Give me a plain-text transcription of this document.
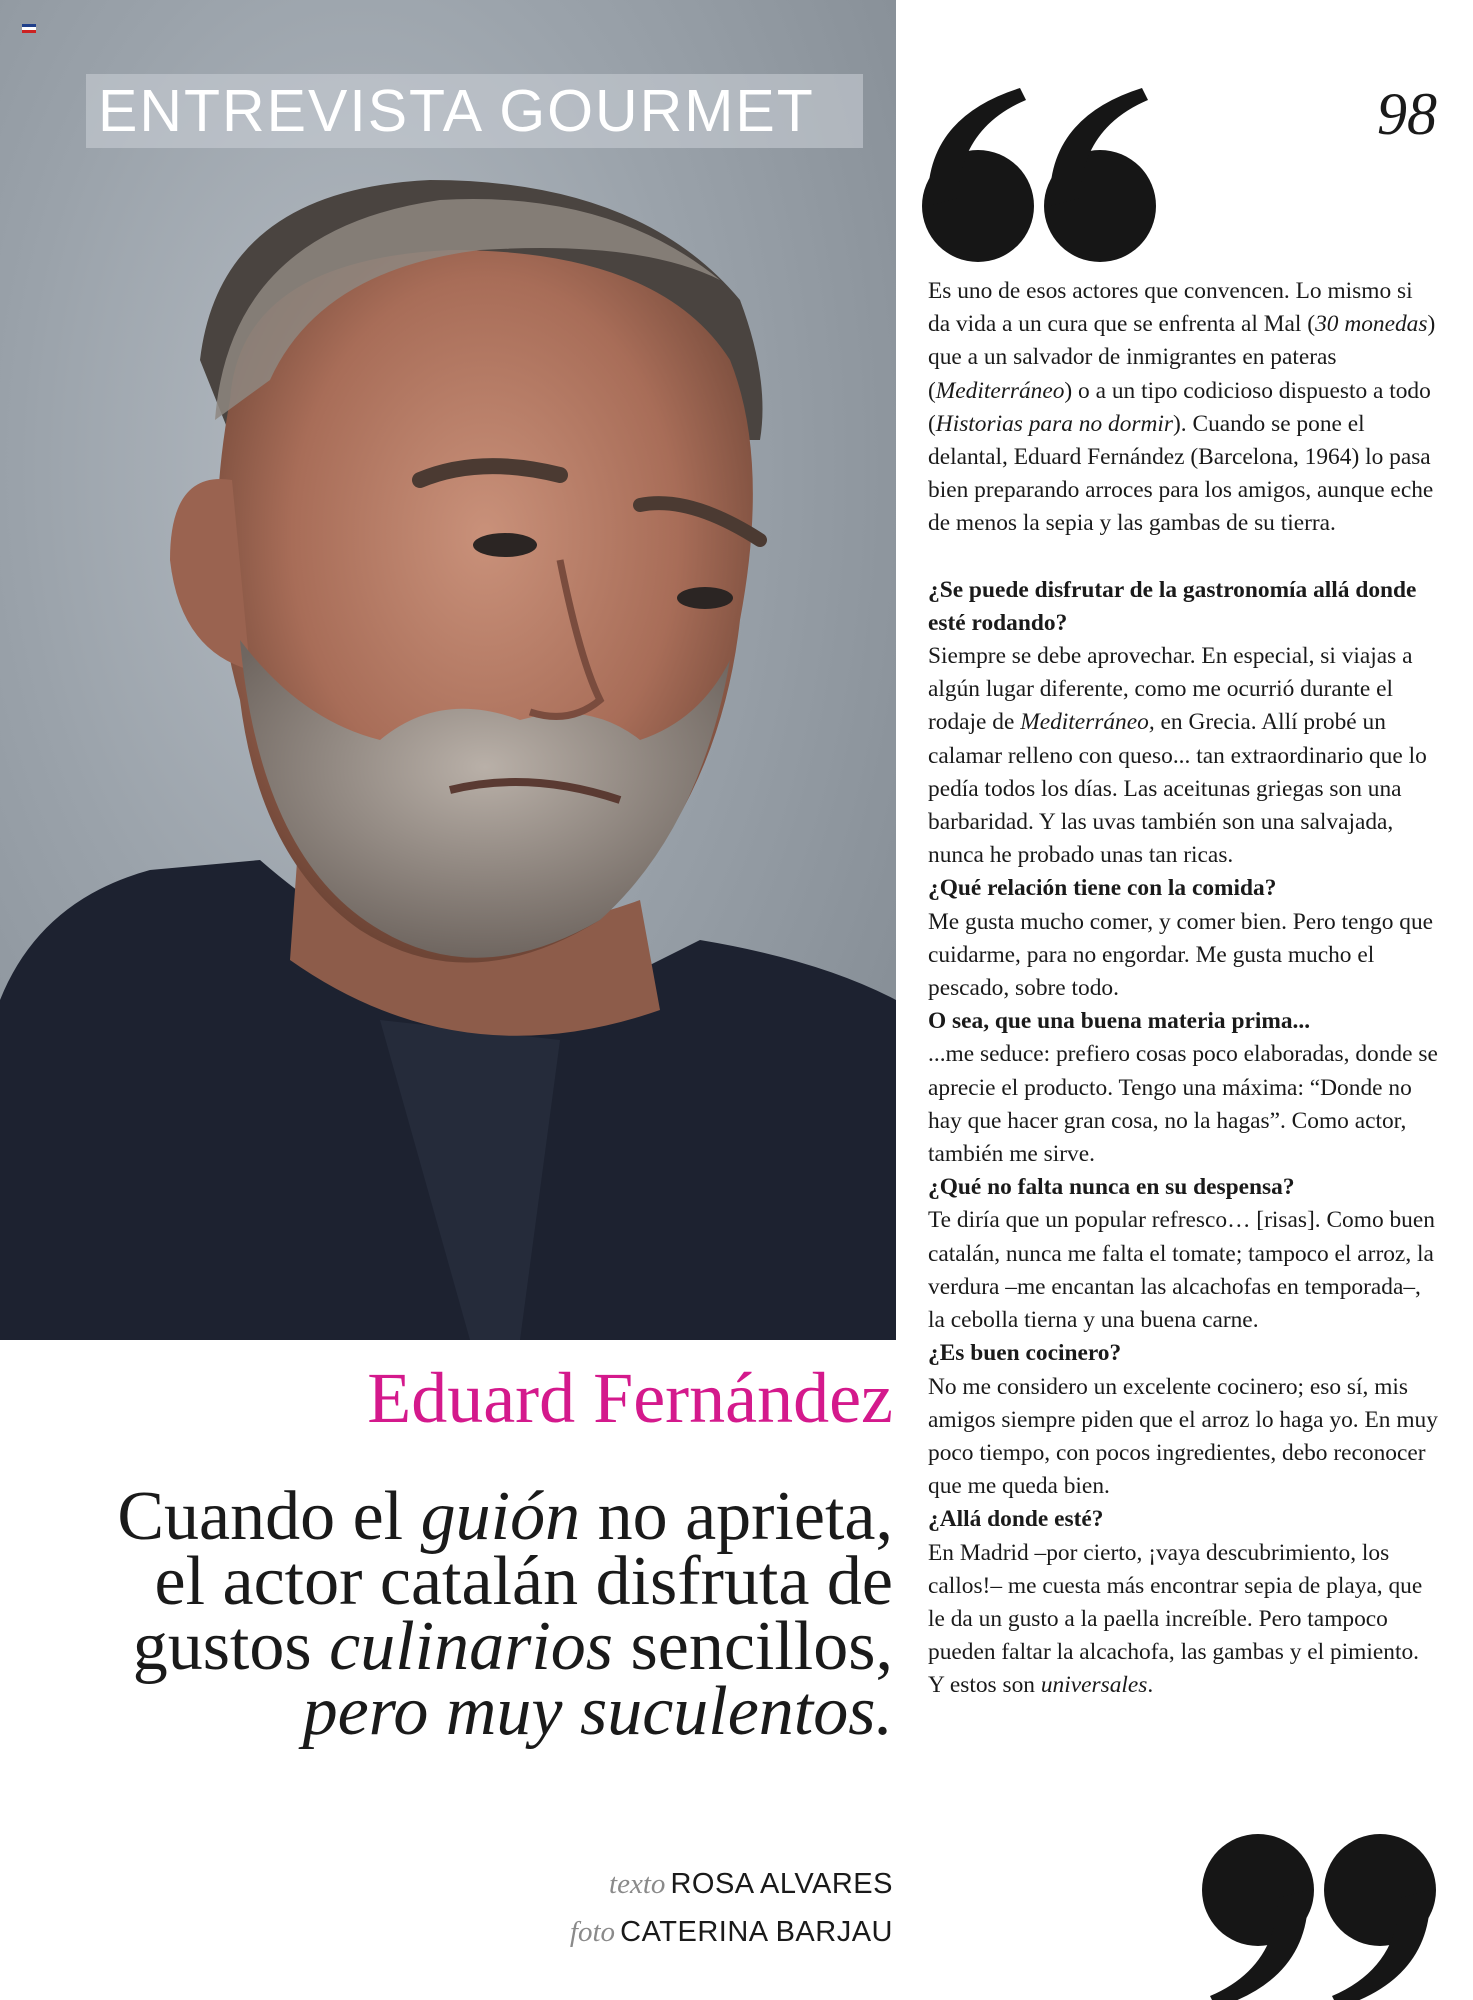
ENTREVISTA GOURMET
Eduard Fernández
Cuando el guión no aprieta, el actor catalán disfruta de gustos culinarios sencillos, pero muy suculentos.
texto ROSA ALVARES
foto CATERINA BARJAU
98

Es uno de esos actores que convencen. Lo mismo si da vida a un cura que se enfrenta al Mal (30 monedas) que a un salvador de inmigrantes en pateras (Mediterráneo) o a un tipo codicioso dispuesto a todo (Historias para no dormir). Cuando se pone el delantal, Eduard Fernández (Barcelona, 1964) lo pasa bien preparando arroces para los amigos, aunque eche de menos la sepia y las gambas de su tierra.

¿Se puede disfrutar de la gastronomía allá donde esté rodando?

Siempre se debe aprovechar. En especial, si viajas a algún lugar diferente, como me ocurrió durante el rodaje de Mediterráneo, en Grecia. Allí probé un calamar relleno con queso... tan extraordinario que lo pedía todos los días. Las aceitunas griegas son una barbaridad. Y las uvas también son una salvajada, nunca he probado unas tan ricas.

¿Qué relación tiene con la comida?

Me gusta mucho comer, y comer bien. Pero tengo que cuidarme, para no engordar. Me gusta mucho el pescado, sobre todo.

O sea, que una buena materia prima...

...me seduce: prefiero cosas poco elaboradas, donde se aprecie el producto. Tengo una máxima: “Donde no hay que hacer gran cosa, no la hagas”. Como actor, también me sirve.

¿Qué no falta nunca en su despensa?

Te diría que un popular refresco… [risas]. Como buen catalán, nunca me falta el tomate; tampoco el arroz, la verdura –me encantan las alcachofas en temporada–, la cebolla tierna y una buena carne.

¿Es buen cocinero?

No me considero un excelente cocinero; eso sí, mis amigos siempre piden que el arroz lo haga yo. En muy poco tiempo, con pocos ingredientes, debo reconocer que me queda bien.

¿Allá donde esté?

En Madrid –por cierto, ¡vaya descubrimiento, los callos!– me cuesta más encontrar sepia de playa, que le da un gusto a la paella increíble. Pero tampoco pueden faltar la alcachofa, las gambas y el pimiento. Y estos son universales.
